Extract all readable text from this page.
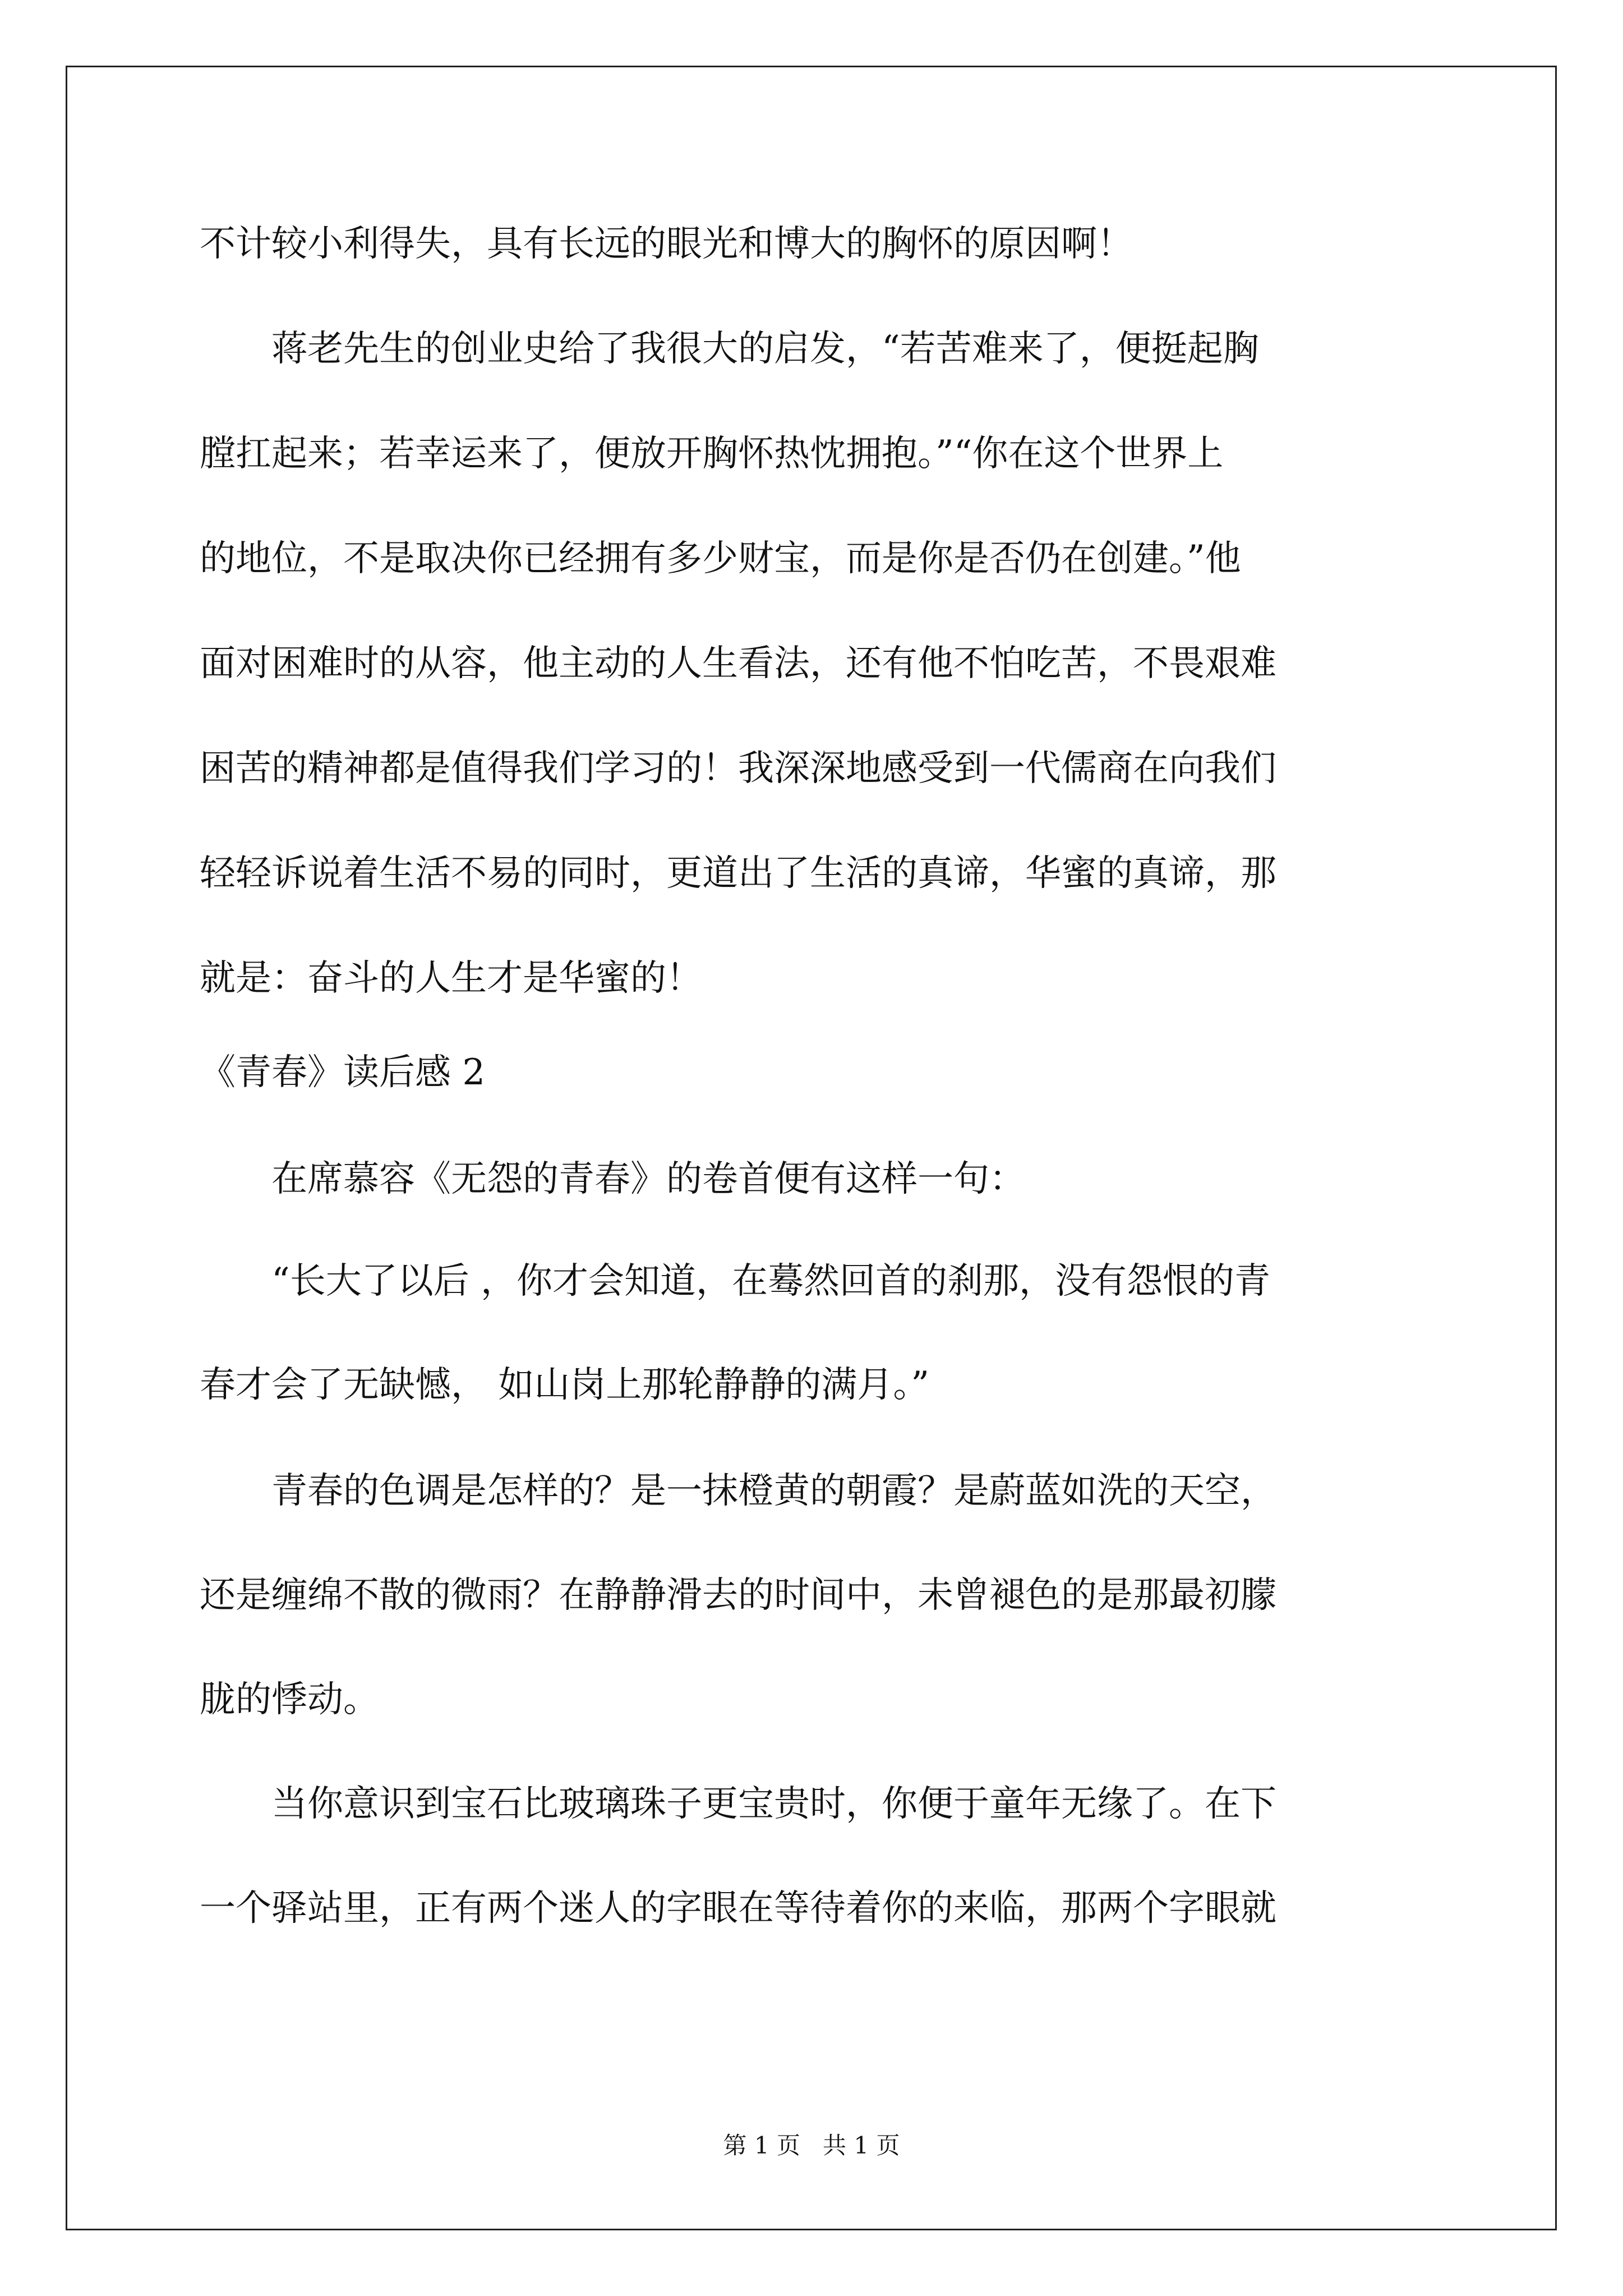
不计较小利得失，具有长远的眼光和博大的胸怀的原因啊！
　　蒋老先生的创业史给了我很大的启发，“若苦难来了，便挺起胸
膛扛起来；若幸运来了，便放开胸怀热忱拥抱。”“你在这个世界上
的地位，不是取决你已经拥有多少财宝，而是你是否仍在创建。”他
面对困难时的从容，他主动的人生看法，还有他不怕吃苦，不畏艰难
困苦的精神都是值得我们学习的！我深深地感受到一代儒商在向我们
轻轻诉说着生活不易的同时，更道出了生活的真谛，华蜜的真谛，那
就是：奋斗的人生才是华蜜的！
《青春》读后感 2
　　在席慕容《无怨的青春》的卷首便有这样一句：
　　“长大了以后 ，你才会知道，在蓦然回首的刹那，没有怨恨的青
春才会了无缺憾， 如山岗上那轮静静的满月。”
　　青春的色调是怎样的？是一抹橙黄的朝霞？是蔚蓝如洗的天空，
还是缠绵不散的微雨？在静静滑去的时间中，未曾褪色的是那最初朦
胧的悸动。
　　当你意识到宝石比玻璃珠子更宝贵时，你便于童年无缘了。在下
一个驿站里，正有两个迷人的字眼在等待着你的来临，那两个字眼就
第 1 页   共 1 页
